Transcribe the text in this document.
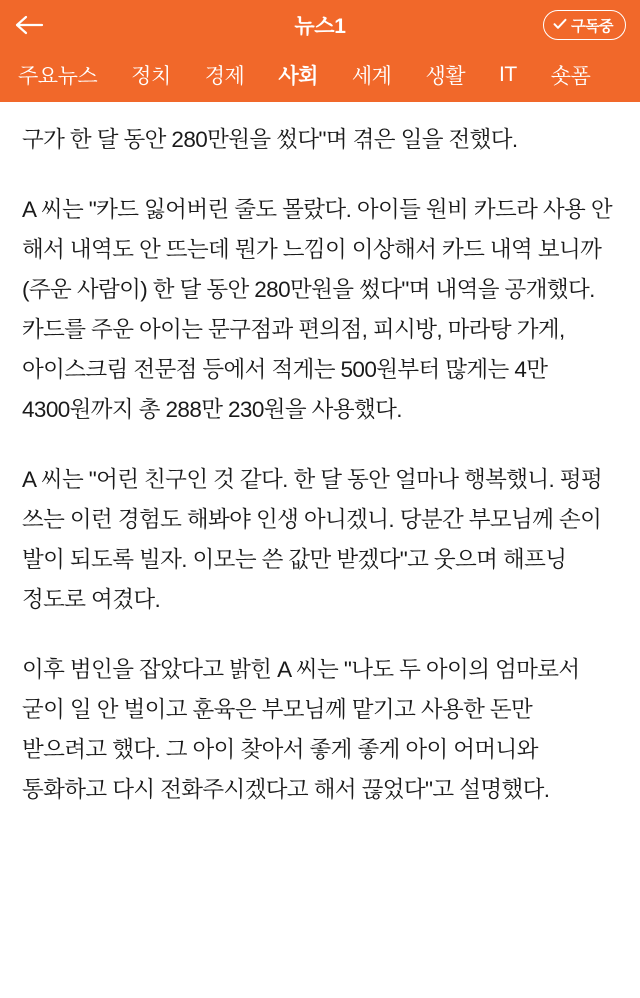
뉴스1	구독중
주요뉴스 정치 경제 사회 세계 생활 IT 숏폼

구가 한 달 동안 280만원을 썼다"며 겪은 일을 전했다.

A 씨는 "카드 잃어버린 줄도 몰랐다. 아이들 원비 카드라 사용 안 해서 내역도 안 뜨는데 뭔가 느낌이 이상해서 카드 내역 보니까 (주운 사람이) 한 달 동안 280만원을 썼다"며 내역을 공개했다.카드를 주운 아이는 문구점과 편의점, 피시방, 마라탕 가게, 아이스크림 전문점 등에서 적게는 500원부터 많게는 4만 4300원까지 총 288만 230원을 사용했다.

A 씨는 "어린 친구인 것 같다. 한 달 동안 얼마나 행복했니. 펑펑 쓰는 이런 경험도 해봐야 인생 아니겠니. 당분간 부모님께 손이 발이 되도록 빌자. 이모는 쓴 값만 받겠다"고 웃으며 해프닝 정도로 여겼다.

이후 범인을 잡았다고 밝힌 A 씨는 "나도 두 아이의 엄마로서 굳이 일 안 벌이고 훈육은 부모님께 맡기고 사용한 돈만 받으려고 했다. 그 아이 찾아서 좋게 좋게 아이 어머니와 통화하고 다시 전화주시겠다고 해서 끊었다"고 설명했다.
